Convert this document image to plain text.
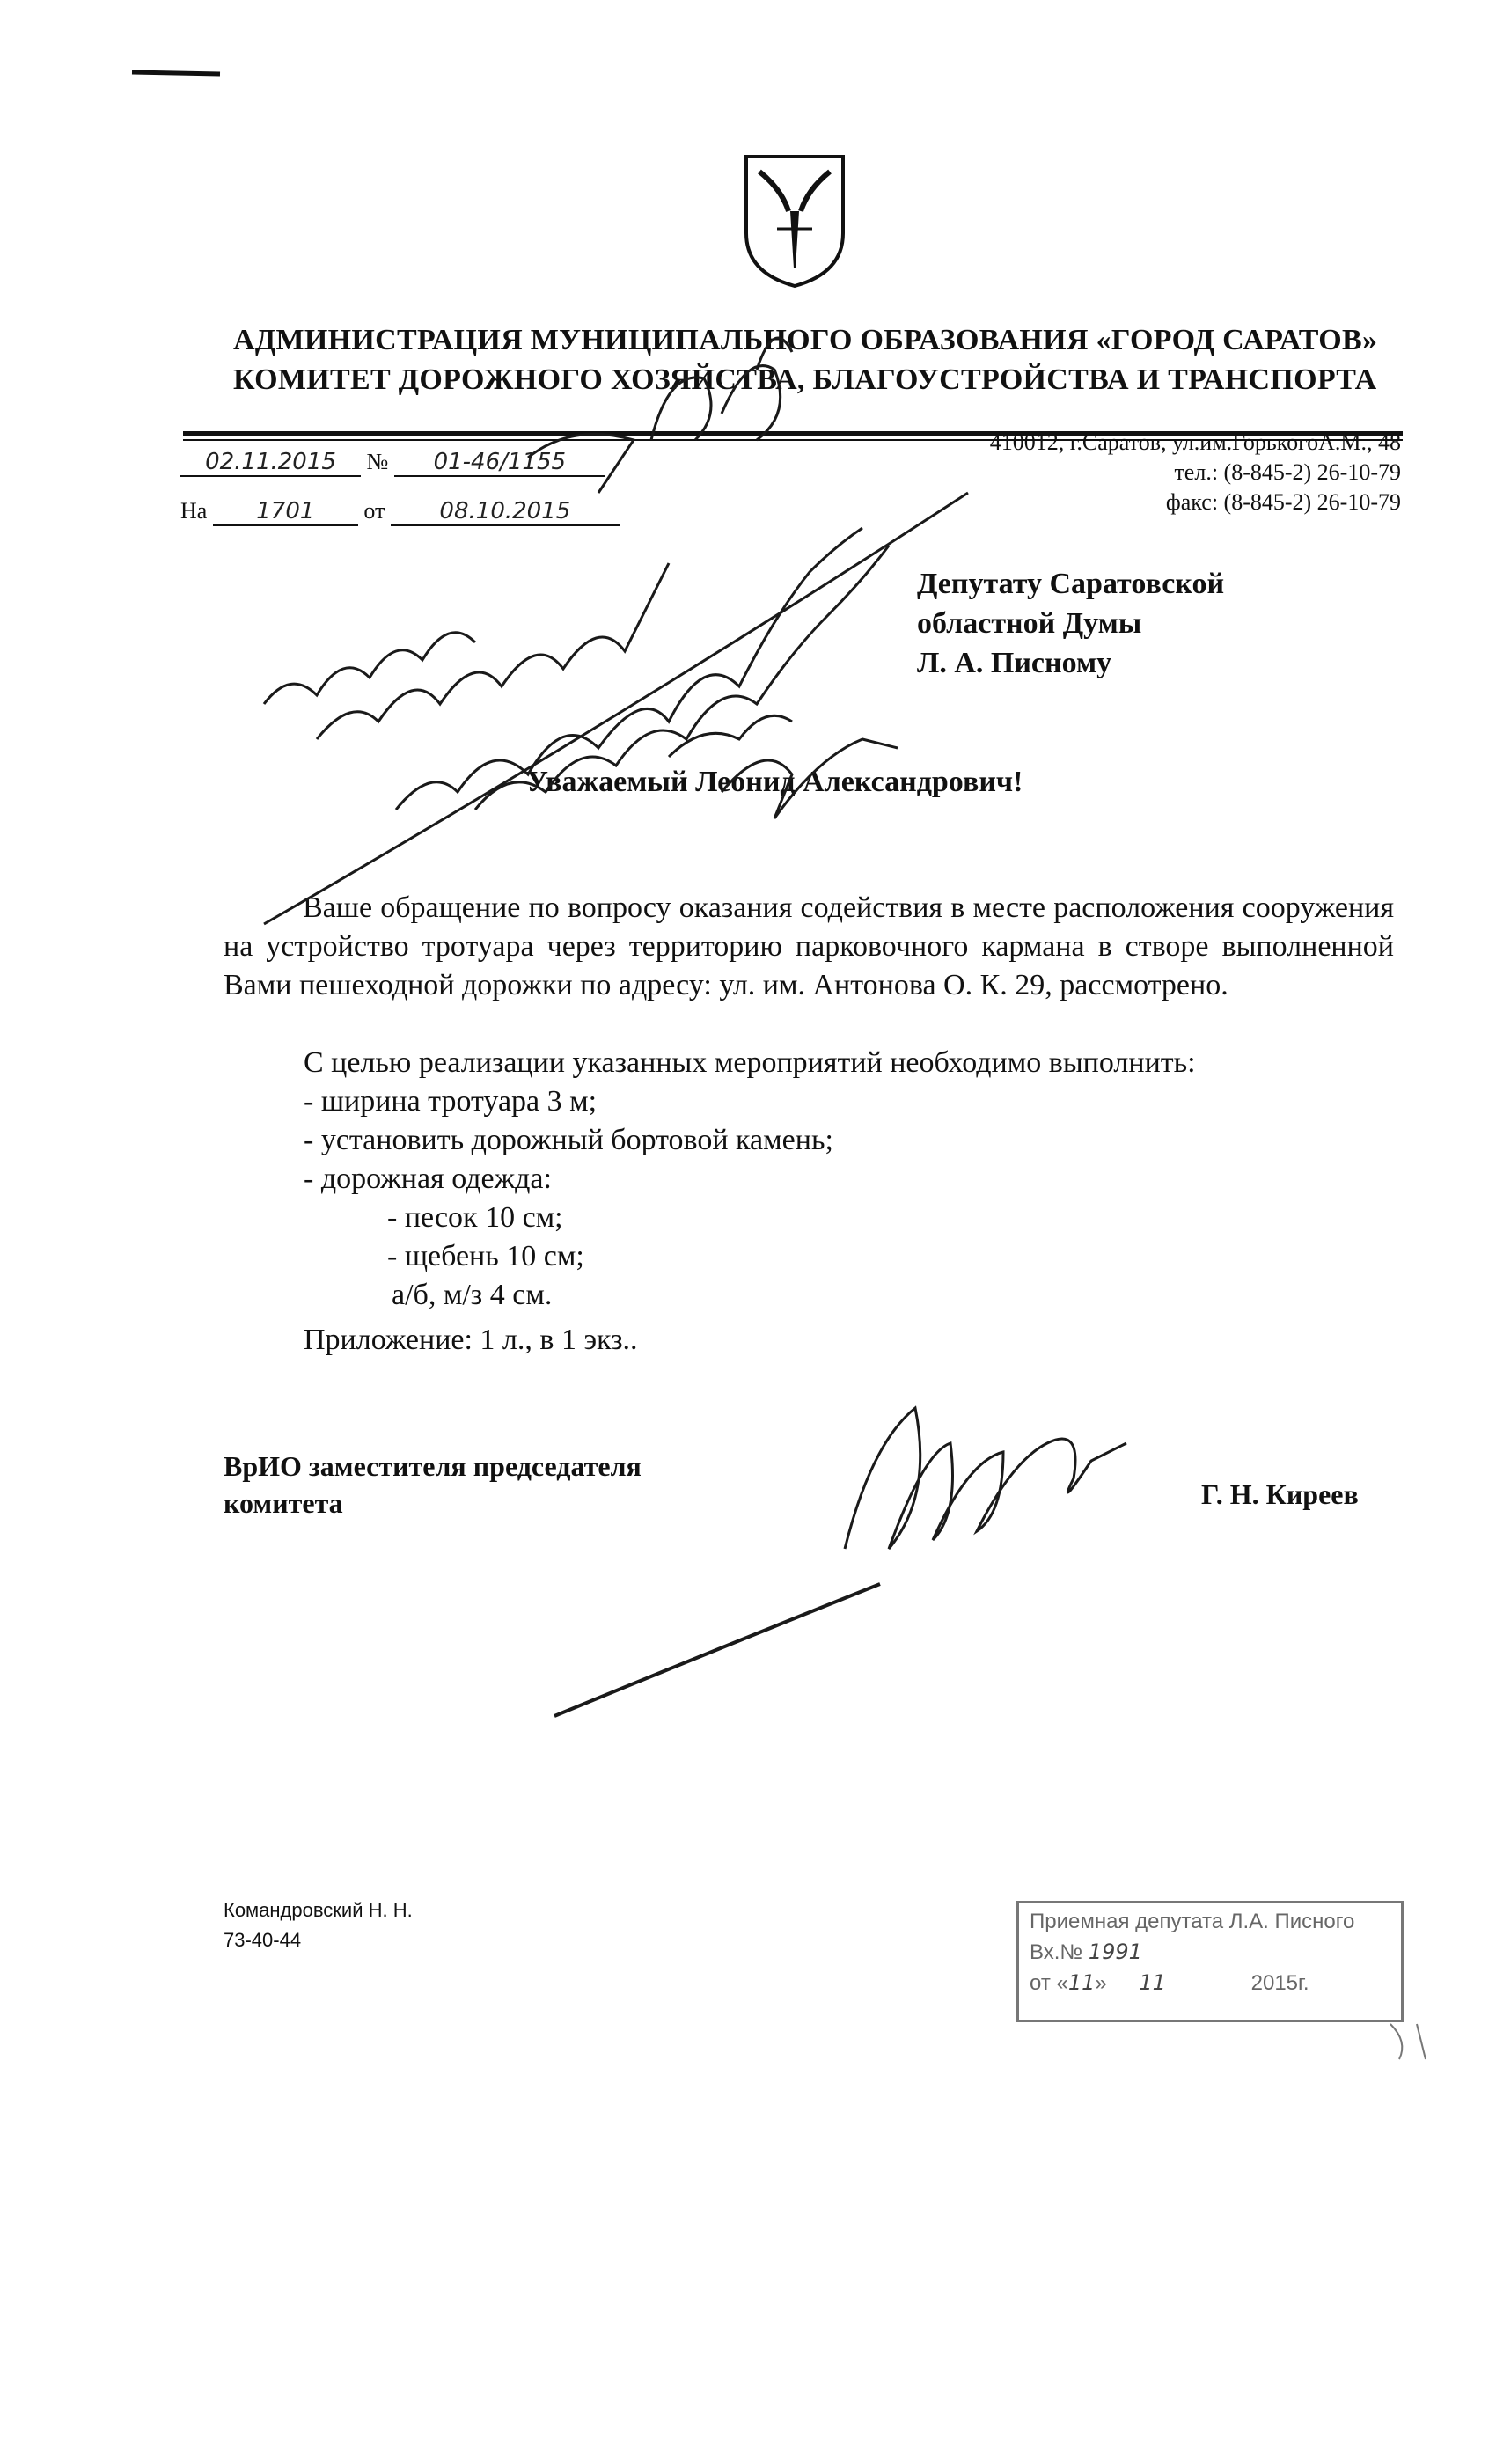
АДМИНИСТРАЦИЯ МУНИЦИПАЛЬНОГО ОБРАЗОВАНИЯ «ГОРОД САРАТОВ»
КОМИТЕТ ДОРОЖНОГО ХОЗЯЙСТВА, БЛАГОУСТРОЙСТВА И ТРАНСПОРТА
410012, г.Саратов, ул.им.ГорькогоА.М., 48
тел.: (8-845-2) 26-10-79
факс: (8-845-2) 26-10-79
02.11.2015 № 01-46/1155
На 1701 от 08.10.2015
Депутату Саратовской
областной Думы
Л. А. Писному
Уважаемый Леонид Александрович!
Ваше обращение по вопросу оказания содействия в месте расположения сооружения на устройство тротуара через территорию парковочного кармана в створе выполненной Вами пешеходной дорожки по адресу: ул. им. Антонова О. К. 29, рассмотрено.
С целью реализации указанных мероприятий необходимо выполнить:
- ширина тротуара 3 м;
- установить дорожный бортовой камень;
- дорожная одежда:
- песок 10 см;
- щебень 10 см;
а/б, м/з 4 см.
Приложение: 1 л., в 1 экз..
ВрИО заместителя председателя
комитета	Г. Н. Киреев
Командровский Н. Н.
73-40-44
Приемная депутата Л.А. Писного
Вх.№ 1991
от «11» 11	2015г.
